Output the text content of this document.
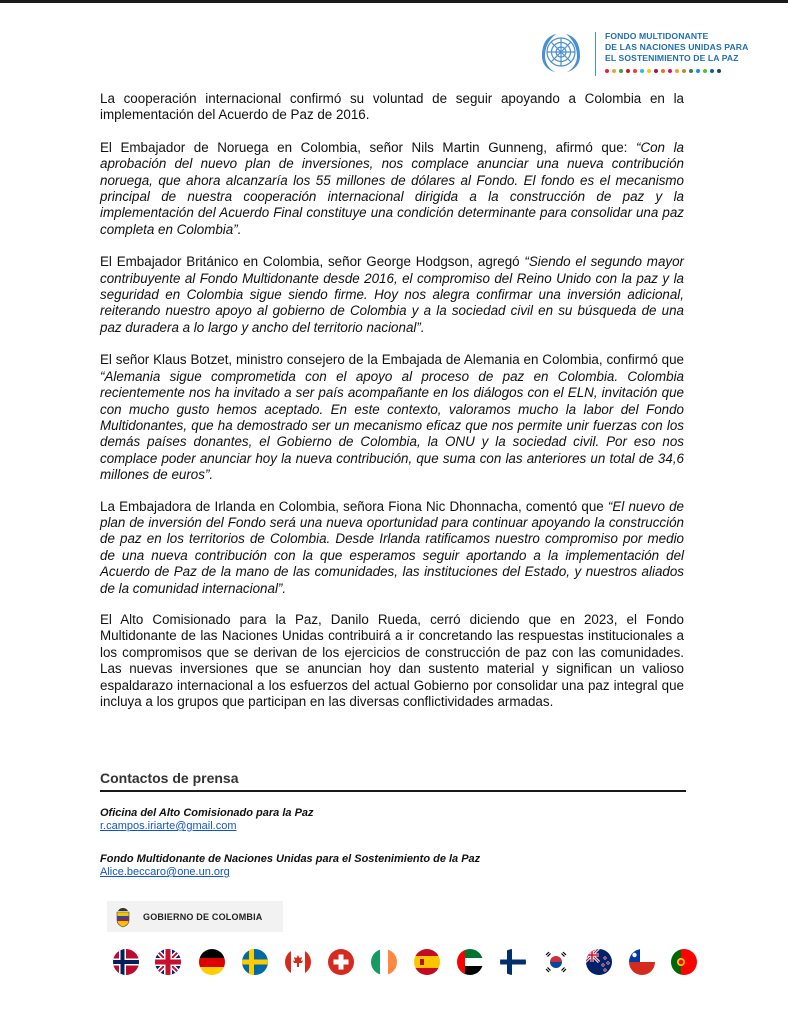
FONDO MULTIDONANTE
DE LAS NACIONES UNIDAS PARA
EL SOSTENIMIENTO DE LA PAZ

La cooperación internacional confirmó su voluntad de seguir apoyando a Colombia en la implementación del Acuerdo de Paz de 2016.

El Embajador de Noruega en Colombia, señor Nils Martin Gunneng, afirmó que: “Con la aprobación del nuevo plan de inversiones, nos complace anunciar una nueva contribución noruega, que ahora alcanzaría los 55 millones de dólares al Fondo. El fondo es el mecanismo principal de nuestra cooperación internacional dirigida a la construcción de paz y la implementación del Acuerdo Final constituye una condición determinante para consolidar una paz completa en Colombia”.

El Embajador Británico en Colombia, señor George Hodgson, agregó “Siendo el segundo mayor contribuyente al Fondo Multidonante desde 2016, el compromiso del Reino Unido con la paz y la seguridad en Colombia sigue siendo firme. Hoy nos alegra confirmar una inversión adicional, reiterando nuestro apoyo al gobierno de Colombia y a la sociedad civil en su búsqueda de una paz duradera a lo largo y ancho del territorio nacional”.

El señor Klaus Botzet, ministro consejero de la Embajada de Alemania en Colombia, confirmó que “Alemania sigue comprometida con el apoyo al proceso de paz en Colombia. Colombia recientemente nos ha invitado a ser país acompañante en los diálogos con el ELN, invitación que con mucho gusto hemos aceptado. En este contexto, valoramos mucho la labor del Fondo Multidonantes, que ha demostrado ser un mecanismo eficaz que nos permite unir fuerzas con los demás países donantes, el Gobierno de Colombia, la ONU y la sociedad civil. Por eso nos complace poder anunciar hoy la nueva contribución, que suma con las anteriores un total de 34,6 millones de euros”.

La Embajadora de Irlanda en Colombia, señora Fiona Nic Dhonnacha, comentó que “El nuevo de plan de inversión del Fondo será una nueva oportunidad para continuar apoyando la construcción de paz en los territorios de Colombia. Desde Irlanda ratificamos nuestro compromiso por medio de una nueva contribución con la que esperamos seguir aportando a la implementación del Acuerdo de Paz de la mano de las comunidades, las instituciones del Estado, y nuestros aliados de la comunidad internacional”.

El Alto Comisionado para la Paz, Danilo Rueda, cerró diciendo que en 2023, el Fondo Multidonante de las Naciones Unidas contribuirá a ir concretando las respuestas institucionales a los compromisos que se derivan de los ejercicios de construcción de paz con las comunidades. Las nuevas inversiones que se anuncian hoy dan sustento material y significan un valioso espaldarazo internacional a los esfuerzos del actual Gobierno por consolidar una paz integral que incluya a los grupos que participan en las diversas conflictividades armadas.

Contactos de prensa
Oficina del Alto Comisionado para la Paz
r.campos.iriarte@gmail.com
Fondo Multidonante de Naciones Unidas para el Sostenimiento de la Paz
Alice.beccaro@one.un.org
GOBIERNO DE COLOMBIA
